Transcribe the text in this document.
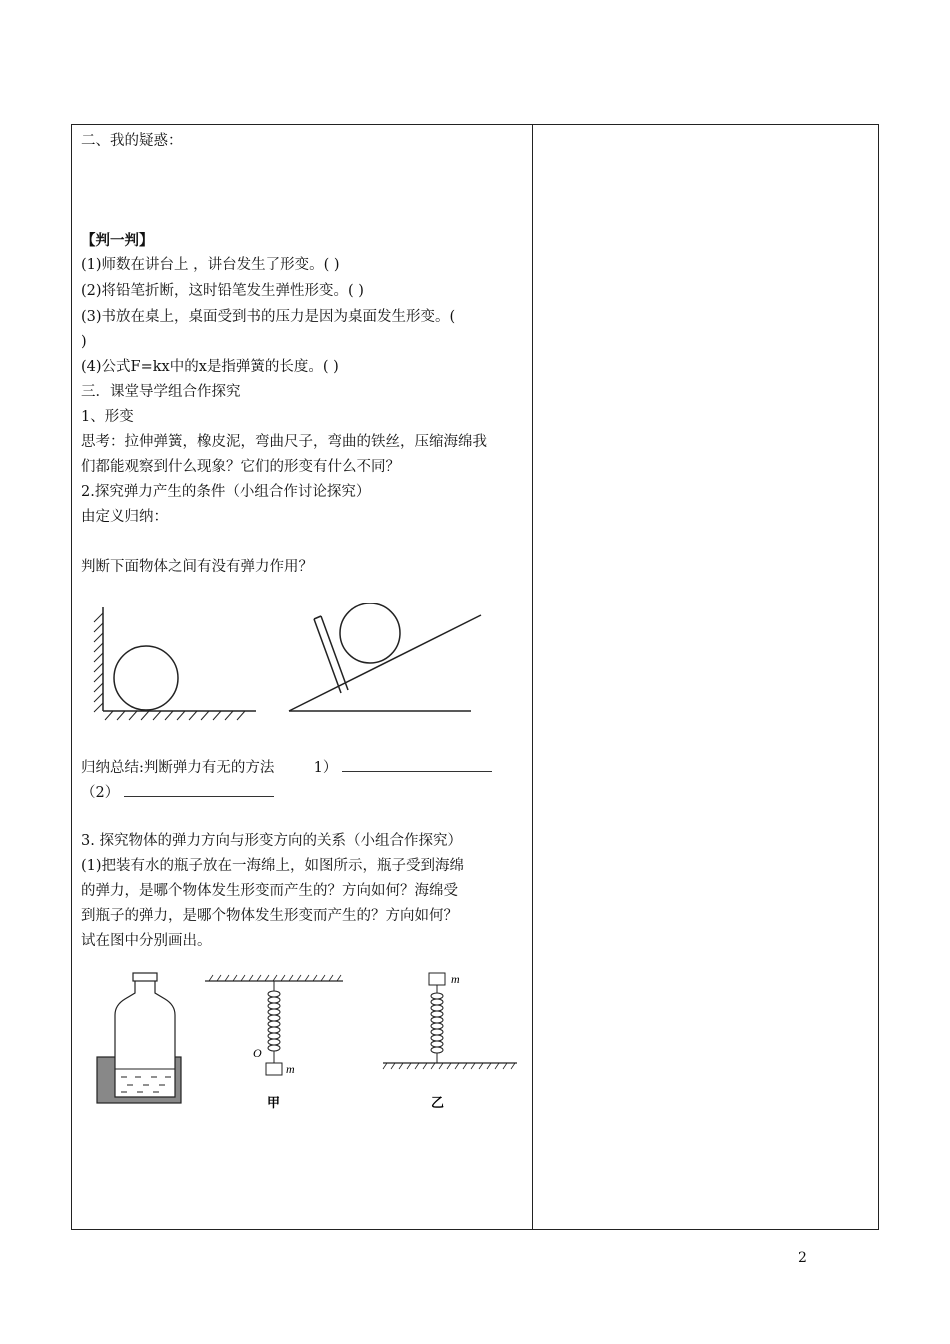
二、我的疑惑：
【判一判】
(1)师数在讲台上 ，讲台发生了形变。( )
(2)将铅笔折断，这时铅笔发生弹性形变。( )
(3)书放在桌上，桌面受到书的压力是因为桌面发生形变。(
)
(4)公式F=kx中的x是指弹簧的长度。( )
三．课堂导学组合作探究
1、形变
思考：拉伸弹簧，橡皮泥，弯曲尺子，弯曲的铁丝，压缩海绵我
们都能观察到什么现象？它们的形变有什么不同？
2.探究弹力产生的条件（小组合作讨论探究）
由定义归纳：
判断下面物体之间有没有弹力作用？
归纳总结:判断弹力有无的方法	1）
（2）
3. 探究物体的弹力方向与形变方向的关系（小组合作探究）
(1)把装有水的瓶子放在一海绵上，如图所示，瓶子受到海绵
的弹力，是哪个物体发生形变而产生的？方向如何？海绵受
到瓶子的弹力，是哪个物体发生形变而产生的？方向如何？
试在图中分别画出。
O
m
甲
m
乙
2
